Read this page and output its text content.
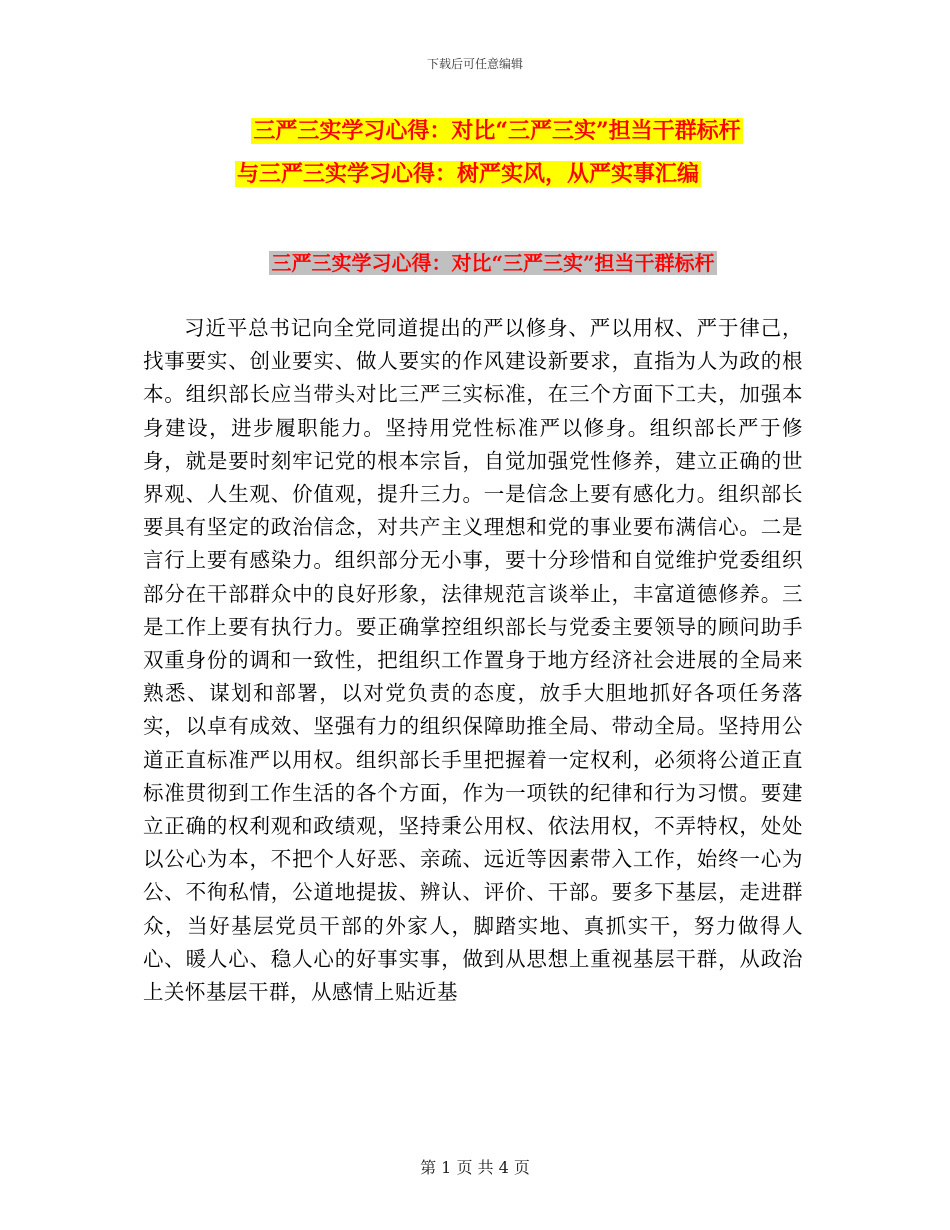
下载后可任意编辑
三严三实学习心得：对比“三严三实”担当干群标杆
与三严三实学习心得：树严实风，从严实事汇编
三严三实学习心得：对比“三严三实”担当干群标杆

习近平总书记向全党同道提出的严以修身、严以用权、严于律己，找事要实、创业要实、做人要实的作风建设新要求，直指为人为政的根本。组织部长应当带头对比三严三实标准，在三个方面下工夫，加强本身建设，进步履职能力。坚持用党性标准严以修身。组织部长严于修身，就是要时刻牢记党的根本宗旨，自觉加强党性修养，建立正确的世界观、人生观、价值观，提升三力。一是信念上要有感化力。组织部长要具有坚定的政治信念，对共产主义理想和党的事业要布满信心。二是言行上要有感染力。组织部分无小事，要十分珍惜和自觉维护党委组织部分在干部群众中的良好形象，法律规范言谈举止，丰富道德修养。三是工作上要有执行力。要正确掌控组织部长与党委主要领导的顾问助手双重身份的调和一致性，把组织工作置身于地方经济社会进展的全局来熟悉、谋划和部署，以对党负责的态度，放手大胆地抓好各项任务落实，以卓有成效、坚强有力的组织保障助推全局、带动全局。坚持用公道正直标准严以用权。组织部长手里把握着一定权利，必须将公道正直标准贯彻到工作生活的各个方面，作为一项铁的纪律和行为习惯。要建立正确的权利观和政绩观，坚持秉公用权、依法用权，不弄特权，处处以公心为本，不把个人好恶、亲疏、远近等因素带入工作，始终一心为公、不徇私情，公道地提拔、辨认、评价、干部。要多下基层，走进群众，当好基层党员干部的外家人，脚踏实地、真抓实干，努力做得人心、暖人心、稳人心的好事实事，做到从思想上重视基层干群，从政治上关怀基层干群，从感情上贴近基

第 1 页 共 4 页
